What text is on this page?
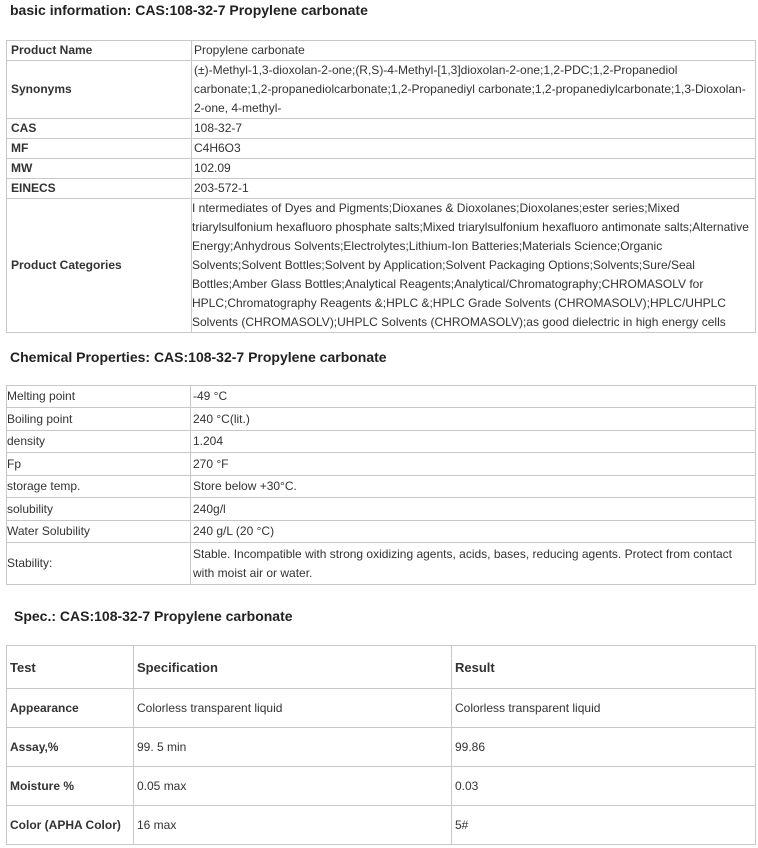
basic information: CAS:108-32-7 Propylene carbonate
Product Name	Propylene carbonate
Synonyms	(±)-Methyl-1,3-dioxolan-2-one;(R,S)-4-Methyl-[1,3]dioxolan-2-one;1,2-PDC;1,2-Propanediol carbonate;1,2-propanediolcarbonate;1,2-Propanediyl carbonate;1,2-propanediylcarbonate;1,3-Dioxolan-2-one, 4-methyl-
CAS	108-32-7
MF	C4H6O3
MW	102.09
EINECS	203-572-1
Product Categories	I ntermediates of Dyes and Pigments;Dioxanes & Dioxolanes;Dioxolanes;ester series;Mixed triarylsulfonium hexafluoro phosphate salts;Mixed triarylsulfonium hexafluoro antimonate salts;Alternative Energy;Anhydrous Solvents;Electrolytes;Lithium-Ion Batteries;Materials Science;Organic Solvents;Solvent Bottles;Solvent by Application;Solvent Packaging Options;Solvents;Sure/Seal Bottles;Amber Glass Bottles;Analytical Reagents;Analytical/Chromatography;CHROMASOLV for HPLC;Chromatography Reagents &;HPLC &;HPLC Grade Solvents (CHROMASOLV);HPLC/UHPLC Solvents (CHROMASOLV);UHPLC Solvents (CHROMASOLV);as good dielectric in high energy cells
Chemical Properties: CAS:108-32-7 Propylene carbonate
Melting point	-49 °C
Boiling point	240 °C(lit.)
density	1.204
Fp	270 °F
storage temp.	Store below +30°C.
solubility	240g/l
Water Solubility	240 g/L (20 °C)
Stability:	Stable. Incompatible with strong oxidizing agents, acids, bases, reducing agents. Protect from contact with moist air or water.
Spec.: CAS:108-32-7 Propylene carbonate
Test	Specification	Result
Appearance	Colorless transparent liquid	Colorless transparent liquid
Assay,%	99. 5 min	99.86
Moisture %	0.05 max	0.03
Color (APHA Color)	16 max	5#
